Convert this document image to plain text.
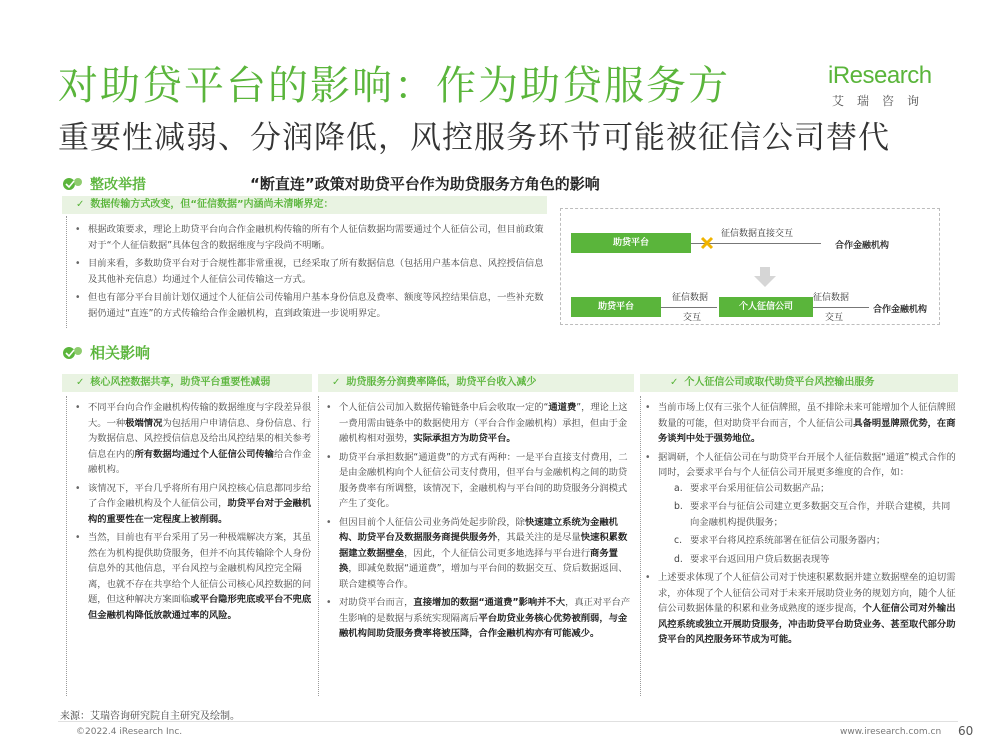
对助贷平台的影响：作为助贷服务方
重要性减弱、分润降低，风控服务环节可能被征信公司替代
iResearch
艾瑞咨询
整改举措	“断直连”政策对助贷平台作为助贷服务方角色的影响
✓ 数据传输方式改变，但“征信数据”内涵尚未清晰界定：
• 根据政策要求，理论上助贷平台向合作金融机构传输的所有个人征信数据均需要通过个人征信公司，但目前政策对于“个人征信数据”具体包含的数据维度与字段尚不明晰。
• 目前来看，多数助贷平台对于合规性都非常重视，已经采取了所有数据信息（包括用户基本信息、风控授信信息及其他补充信息）均通过个人征信公司传输这一方式。
• 但也有部分平台目前计划仅通过个人征信公司传输用户基本身份信息及费率、额度等风控结果信息，一些补充数据仍通过“直连”的方式传输给合作金融机构，直到政策进一步说明界定。
助贷平台
征信数据直接交互
合作金融机构
助贷平台
征信数据
交互
个人征信公司
征信数据
交互
合作金融机构
相关影响
✓ 核心风控数据共享，助贷平台重要性减弱	✓ 助贷服务分润费率降低，助贷平台收入减少	✓ 个人征信公司或取代助贷平台风控输出服务
• 不同平台向合作金融机构传输的数据维度与字段差异很大。一种极端情况为包括用户申请信息、身份信息、行为数据信息、风控授信信息及给出风控结果的相关参考信息在内的所有数据均通过个人征信公司传输给合作金融机构。
• 该情况下，平台几乎将所有用户风控核心信息都同步给了合作金融机构及个人征信公司，助贷平台对于金融机构的重要性在一定程度上被削弱。
• 当然，目前也有平台采用了另一种极端解决方案，其虽然在为机构提供助贷服务，但并不向其传输除个人身份信息外的其他信息，平台风控与金融机构风控完全隔离，也就不存在共享给个人征信公司核心风控数据的问题，但这种解决方案面临或平台隐形兜底或平台不兜底但金融机构降低放款通过率的风险。
• 个人征信公司加入数据传输链条中后会收取一定的“通道费”，理论上这一费用需由链条中的数据使用方（平台合作金融机构）承担，但由于金融机构相对强势，实际承担方为助贷平台。
• 助贷平台承担数据“通道费”的方式有两种：一是平台直接支付费用，二是由金融机构向个人征信公司支付费用，但平台与金融机构之间的助贷服务费率有所调整，该情况下，金融机构与平台间的助贷服务分润模式产生了变化。
• 但因目前个人征信公司业务尚处起步阶段，除快速建立系统为金融机构、助贷平台及数据服务商提供服务外，其最关注的是尽量快速积累数据建立数据壁垒，因此，个人征信公司更多地选择与平台进行商务置换，即减免数据“通道费”，增加与平台间的数据交互、贷后数据返回、联合建模等合作。
• 对助贷平台而言，直接增加的数据“通道费”影响并不大，真正对平台产生影响的是数据与系统实现隔离后平台助贷业务核心优势被削弱，与金融机构间助贷服务费率将被压降，合作金融机构亦有可能减少。
• 当前市场上仅有三张个人征信牌照，虽不排除未来可能增加个人征信牌照数量的可能，但对助贷平台而言，个人征信公司具备明显牌照优势，在商务谈判中处于强势地位。
• 据调研，个人征信公司在与助贷平台开展个人征信数据“通道”模式合作的同时，会要求平台与个人征信公司开展更多维度的合作，如：
a. 要求平台采用征信公司数据产品；
b. 要求平台与征信公司建立更多数据交互合作，并联合建模，共同向金融机构提供服务；
c. 要求平台将风控系统部署在征信公司服务器内；
d. 要求平台返回用户贷后数据表现等
• 上述要求体现了个人征信公司对于快速积累数据并建立数据壁垒的迫切需求，亦体现了个人征信公司对于未来开展助贷业务的规划方向，随个人征信公司数据体量的积累和业务成熟度的逐步提高，个人征信公司对外输出风控系统或独立开展助贷服务，冲击助贷平台助贷业务、甚至取代部分助贷平台的风控服务环节成为可能。
来源：艾瑞咨询研究院自主研究及绘制。
©2022.4 iResearch Inc.	www.iresearch.com.cn 60
